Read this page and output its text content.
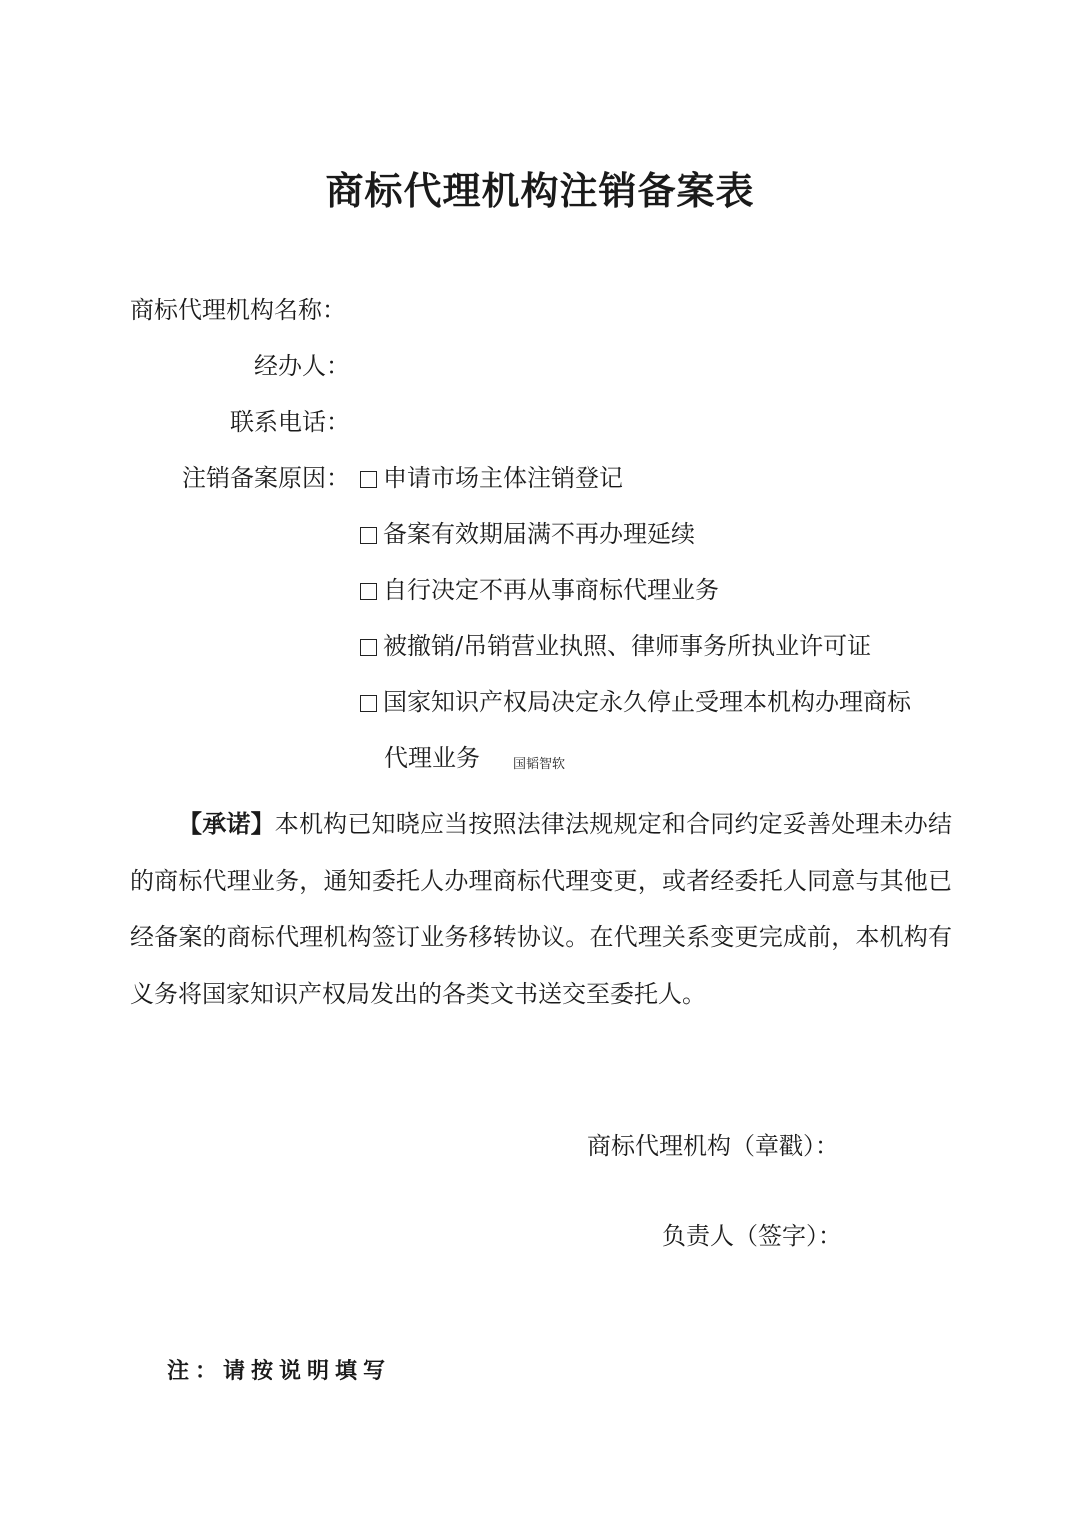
商标代理机构注销备案表
商标代理机构名称：
经办人：
联系电话：
注销备案原因： 申请市场主体注销登记
备案有效期届满不再办理延续
自行决定不再从事商标代理业务
被撤销/吊销营业执照、律师事务所执业许可证
国家知识产权局决定永久停止受理本机构办理商标
代理业务	国韬智软
【承诺】本机构已知晓应当按照法律法规规定和合同约定妥善处理未办结的商标代理业务，通知委托人办理商标代理变更，或者经委托人同意与其他已经备案的商标代理机构签订业务移转协议。在代理关系变更完成前，本机构有义务将国家知识产权局发出的各类文书送交至委托人。
商标代理机构（章戳）：
负责人（签字）：
注：请按说明填写
